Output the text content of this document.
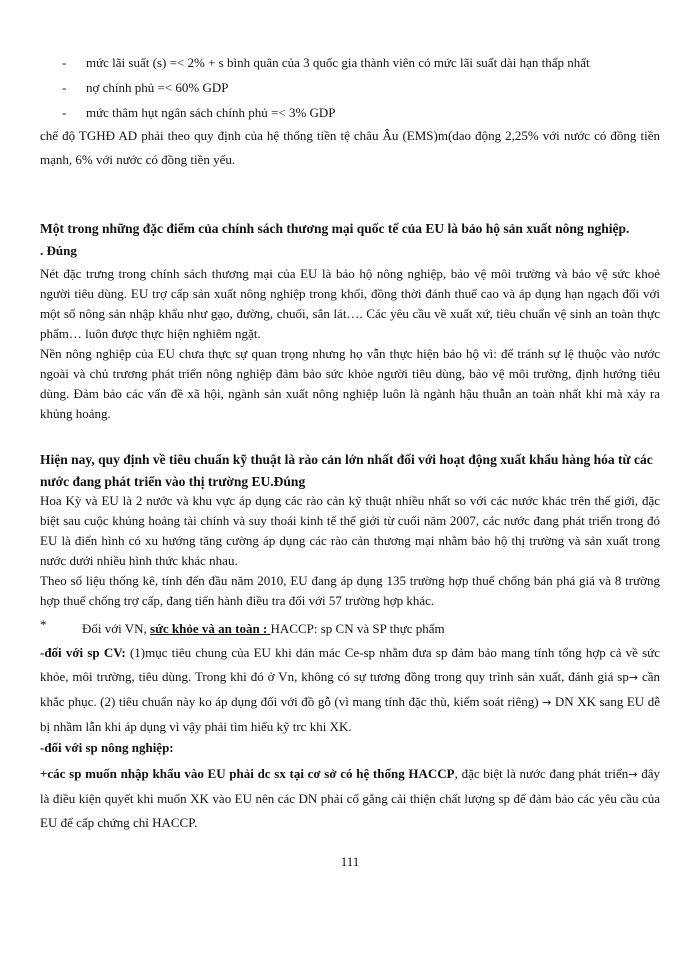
- mức lãi suất (s) =< 2% + s bình quân của 3 quốc gia thành viên có mức lãi suất dài hạn thấp nhất
- nợ chính phủ =< 60% GDP
- mức thâm hụt ngân sách chính phủ =< 3% GDP

chế độ TGHĐ AD phải theo quy định của hệ thống tiền tệ châu Âu (EMS)m(dao động 2,25% với nước có đồng tiền mạnh, 6% với nước có đồng tiền yếu.

Một trong những đặc điểm của chính sách thương mại quốc tế của EU là bảo hộ sản xuất nông nghiệp.

. Đúng

Nét đặc trưng trong chính sách thương mại của EU là bảo hộ nông nghiệp, bảo vệ môi trường và bảo vệ sức khoẻ người tiêu dùng. EU trợ cấp sản xuất nông nghiệp trong khối, đồng thời đánh thuế cao và áp dụng hạn ngạch đối với một số nông sản nhập khẩu như gạo, đường, chuối, sắn lát…. Các yêu cầu về xuất xứ, tiêu chuẩn vệ sinh an toàn thực phẩm… luôn được thực hiện nghiêm ngặt.

Nền nông nghiệp của EU chưa thực sự quan trọng nhưng họ vẫn thực hiện bảo hộ vì: để tránh sự lệ thuộc vào nước ngoài và chủ trương phát triển nông nghiệp đảm bảo sức khỏe người tiêu dùng, bảo vệ môi trường, định hướng tiêu dùng. Đảm bảo các vấn đề xã hội, ngành sản xuất nông nghiệp luôn là ngành hậu thuẫn an toàn nhất khi mà xảy ra khủng hoảng.

Hiện nay, quy định về tiêu chuẩn kỹ thuật là rào cản lớn nhất đối với hoạt động xuất khẩu hàng hóa từ các nước đang phát triển vào thị trường EU.Đúng

Hoa Kỳ và EU là 2 nước và khu vực áp dụng các rào cản kỹ thuật nhiều nhất so với các nước khác trên thế giới, đặc biệt sau cuộc khủng hoảng tài chính và suy thoái kinh tế thế giới từ cuối năm 2007, các nước đang phát triển trong đó EU là điển hình có xu hướng tăng cường áp dụng các rào cản thương mại nhằm bảo hộ thị trường và sản xuất trong nước dưới nhiều hình thức khác nhau.

Theo số liệu thống kê, tính đến đầu năm 2010, EU đang áp dụng 135 trường hợp thuế chống bán phá giá và 8 trường hợp thuế chống trợ cấp, đang tiến hành điều tra đối với 57 trường hợp khác.

*	Đối với VN, sức khỏe và an toàn : HACCP: sp CN và SP thực phẩm

-đối với sp CV: (1)mục tiêu chung của EU khi dán mác Ce-sp nhằm đưa sp đảm bảo mang tính tổng hợp cả về sức khỏe, môi trường, tiêu dùng. Trong khi đó ở Vn, không có sự tương đồng trong quy trình sản xuất, đánh giá sp→ cần khắc phục. (2) tiêu chuẩn này ko áp dụng đối với đồ gỗ (vì mang tính đặc thù, kiểm soát riêng) → DN XK sang EU dễ bị nhầm lẫn khi áp dụng vì vậy phải tìm hiểu kỹ trc khi XK.

-đối với sp nông nghiệp:

+các sp muốn nhập khẩu vào EU phải dc sx tại cơ sở có hệ thống HACCP, đặc biệt là nước đang phát triển→ đây là điều kiện quyết khi muốn XK vào EU nên các DN phải cố gắng cải thiện chất lượng sp để đảm bảo các yêu cầu của EU để cấp chứng chỉ HACCP.

111
